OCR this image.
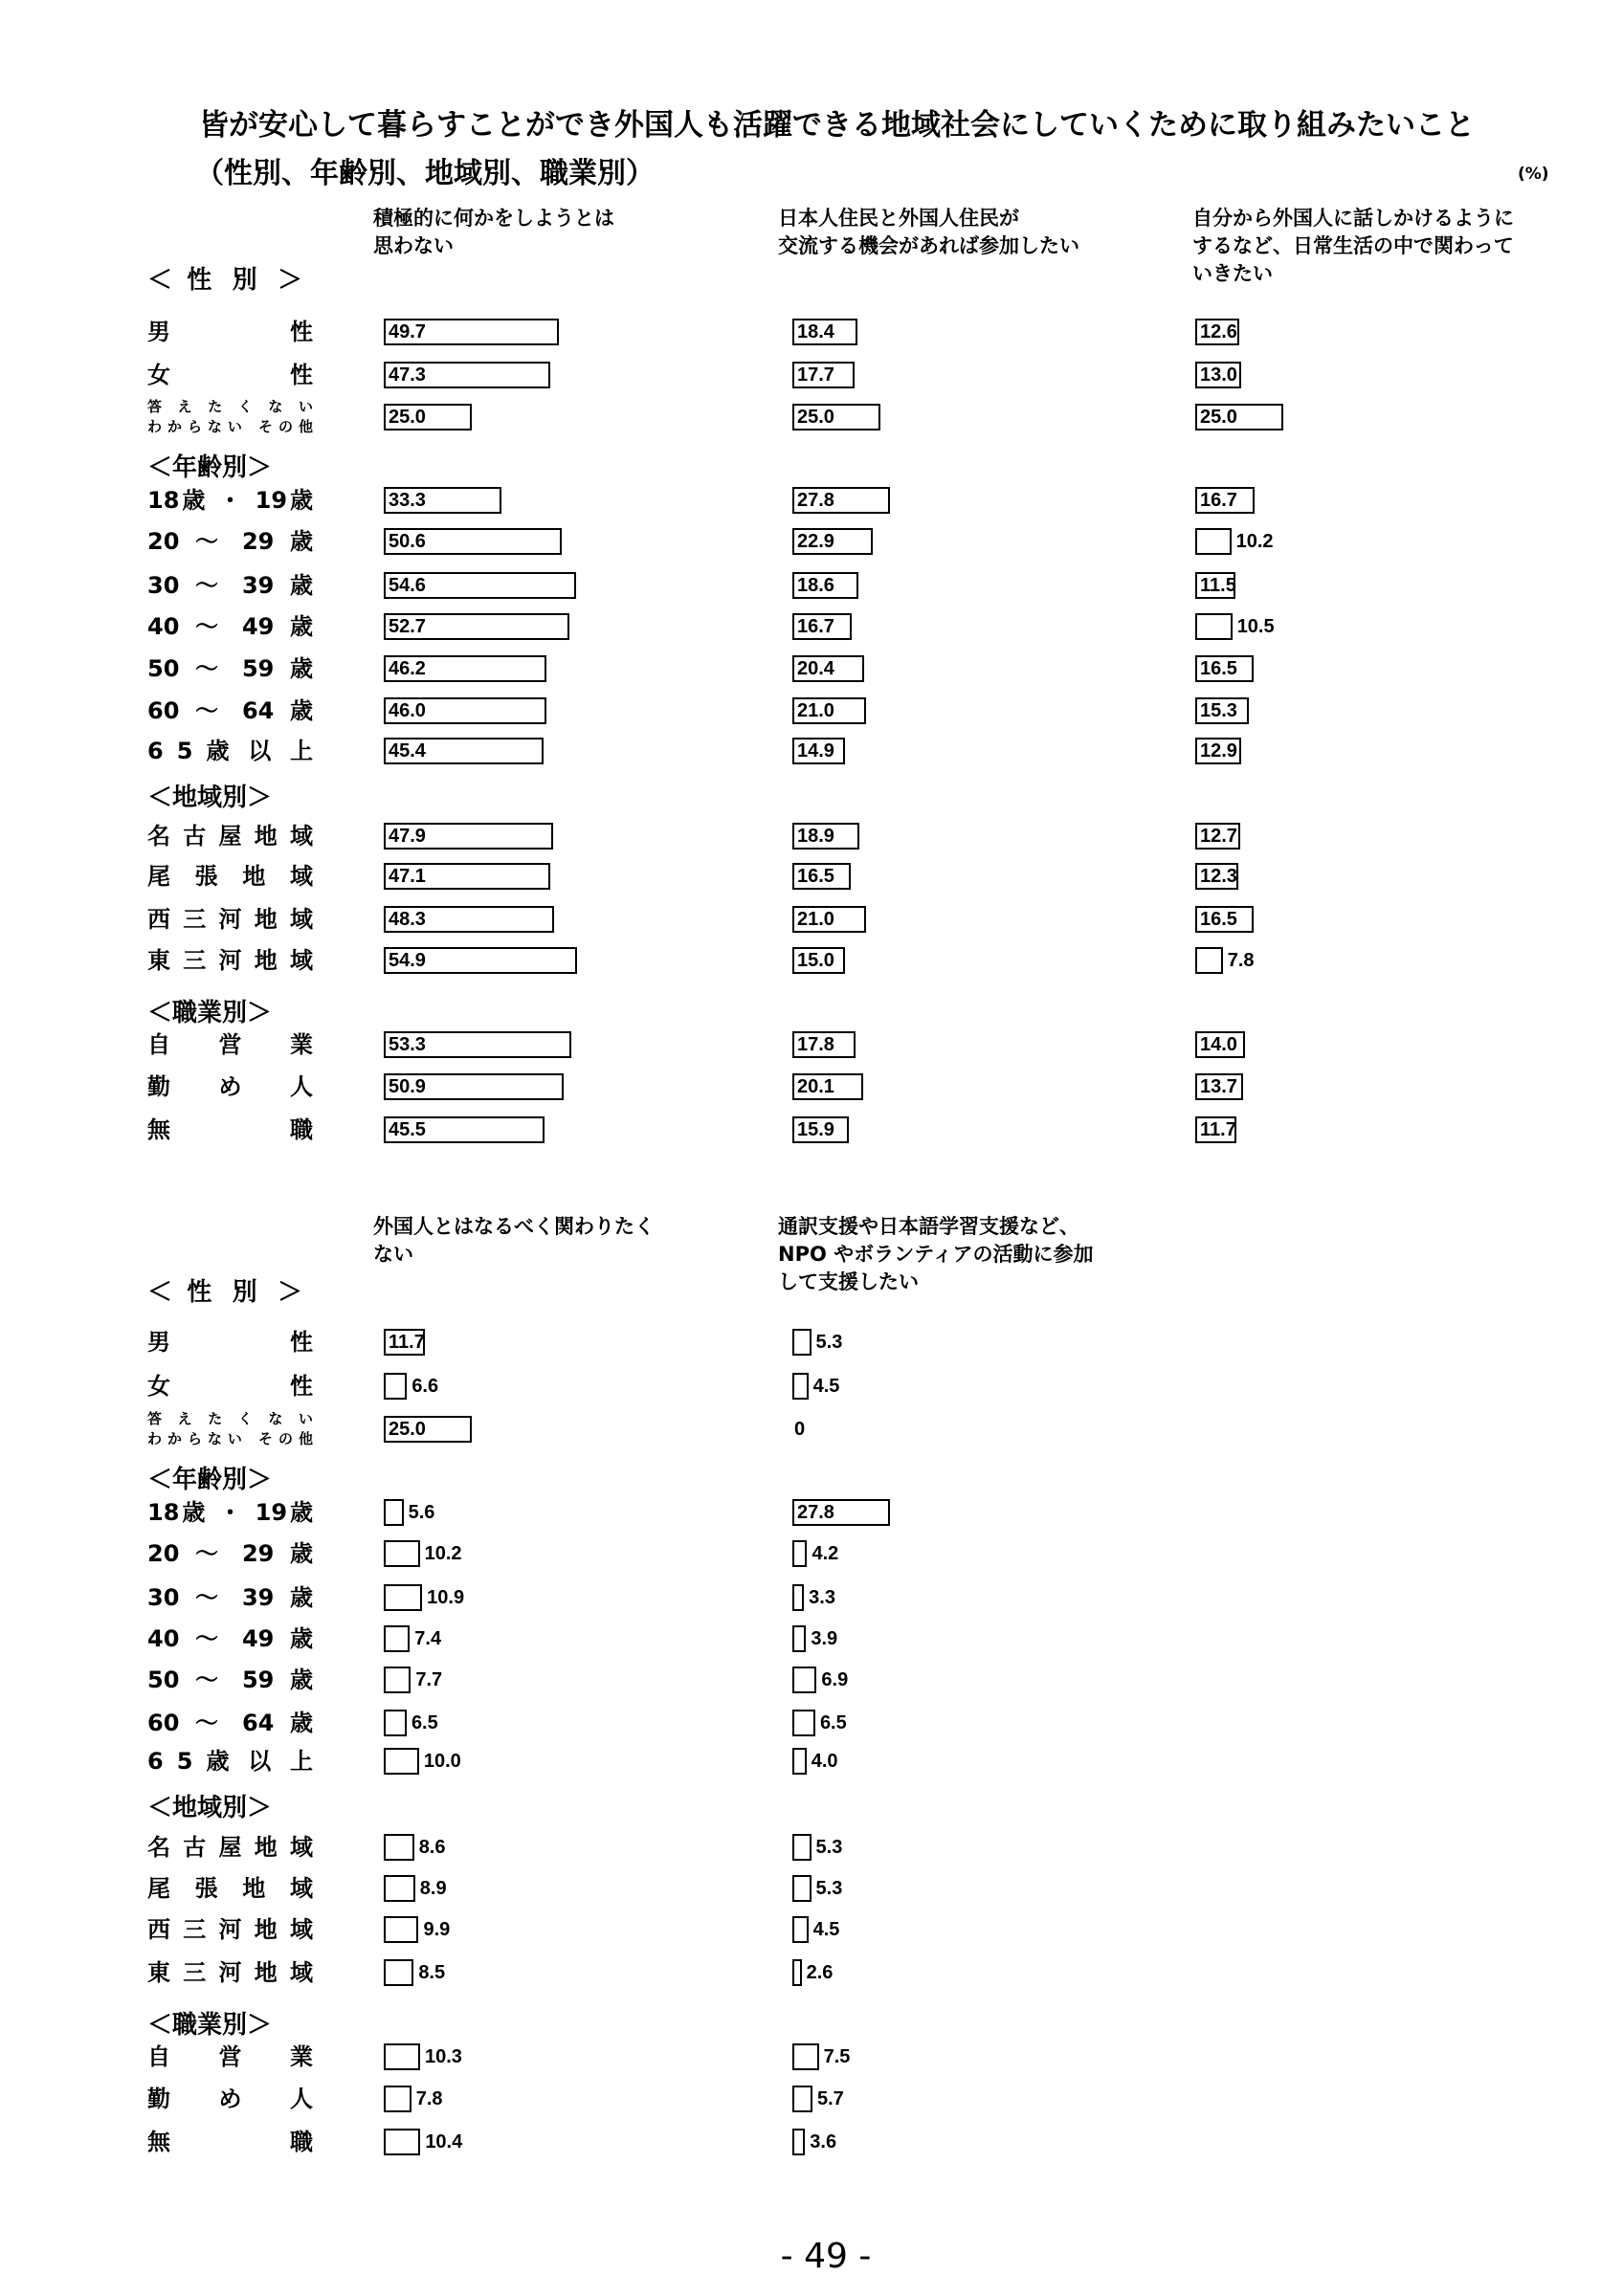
皆が安心して暮らすことができ外国人も活躍できる地域社会にしていくために取り組みたいこと
（性別、年齢別、地域別、職業別）	(%)
積極的に何かをしようとは
思わない
日本人住民と外国人住民が
交流する機会があれば参加したい
自分から外国人に話しかけるように
するなど、日常生活の中で関わって
いきたい
＜ 性 別 ＞
男 性	49.7	18.4	12.6
女 性	47.3	17.7	13.0
答 え た く な い
わからない その他	25.0	25.0	25.0
＜年齢別＞
18歳 ・ 19歳	33.3	27.8	16.7
20 ～ 29 歳	50.6	22.9	10.2
30 ～ 39 歳	54.6	18.6	11.5
40 ～ 49 歳	52.7	16.7	10.5
50 ～ 59 歳	46.2	20.4	16.5
60 ～ 64 歳	46.0	21.0	15.3
6 5 歳 以 上	45.4	14.9	12.9
＜地域別＞
名 古 屋 地 域	47.9	18.9	12.7
尾 張 地 域	47.1	16.5	12.3
西 三 河 地 域	48.3	21.0	16.5
東 三 河 地 域	54.9	15.0	7.8
＜職業別＞
自 営 業	53.3	17.8	14.0
勤 め 人	50.9	20.1	13.7
無 職	45.5	15.9	11.7
外国人とはなるべく関わりたく
ない
通訳支援や日本語学習支援など、
NPO やボランティアの活動に参加
して支援したい
＜ 性 別 ＞
男 性	11.7	5.3
女 性	6.6	4.5
答 え た く な い
わからない その他	25.0	0
＜年齢別＞
18歳 ・ 19歳	5.6	27.8
20 ～ 29 歳	10.2	4.2
30 ～ 39 歳	10.9	3.3
40 ～ 49 歳	7.4	3.9
50 ～ 59 歳	7.7	6.9
60 ～ 64 歳	6.5	6.5
6 5 歳 以 上	10.0	4.0
＜地域別＞
名 古 屋 地 域	8.6	5.3
尾 張 地 域	8.9	5.3
西 三 河 地 域	9.9	4.5
東 三 河 地 域	8.5	2.6
＜職業別＞
自 営 業	10.3	7.5
勤 め 人	7.8	5.7
無 職	10.4	3.6
- 49 -
